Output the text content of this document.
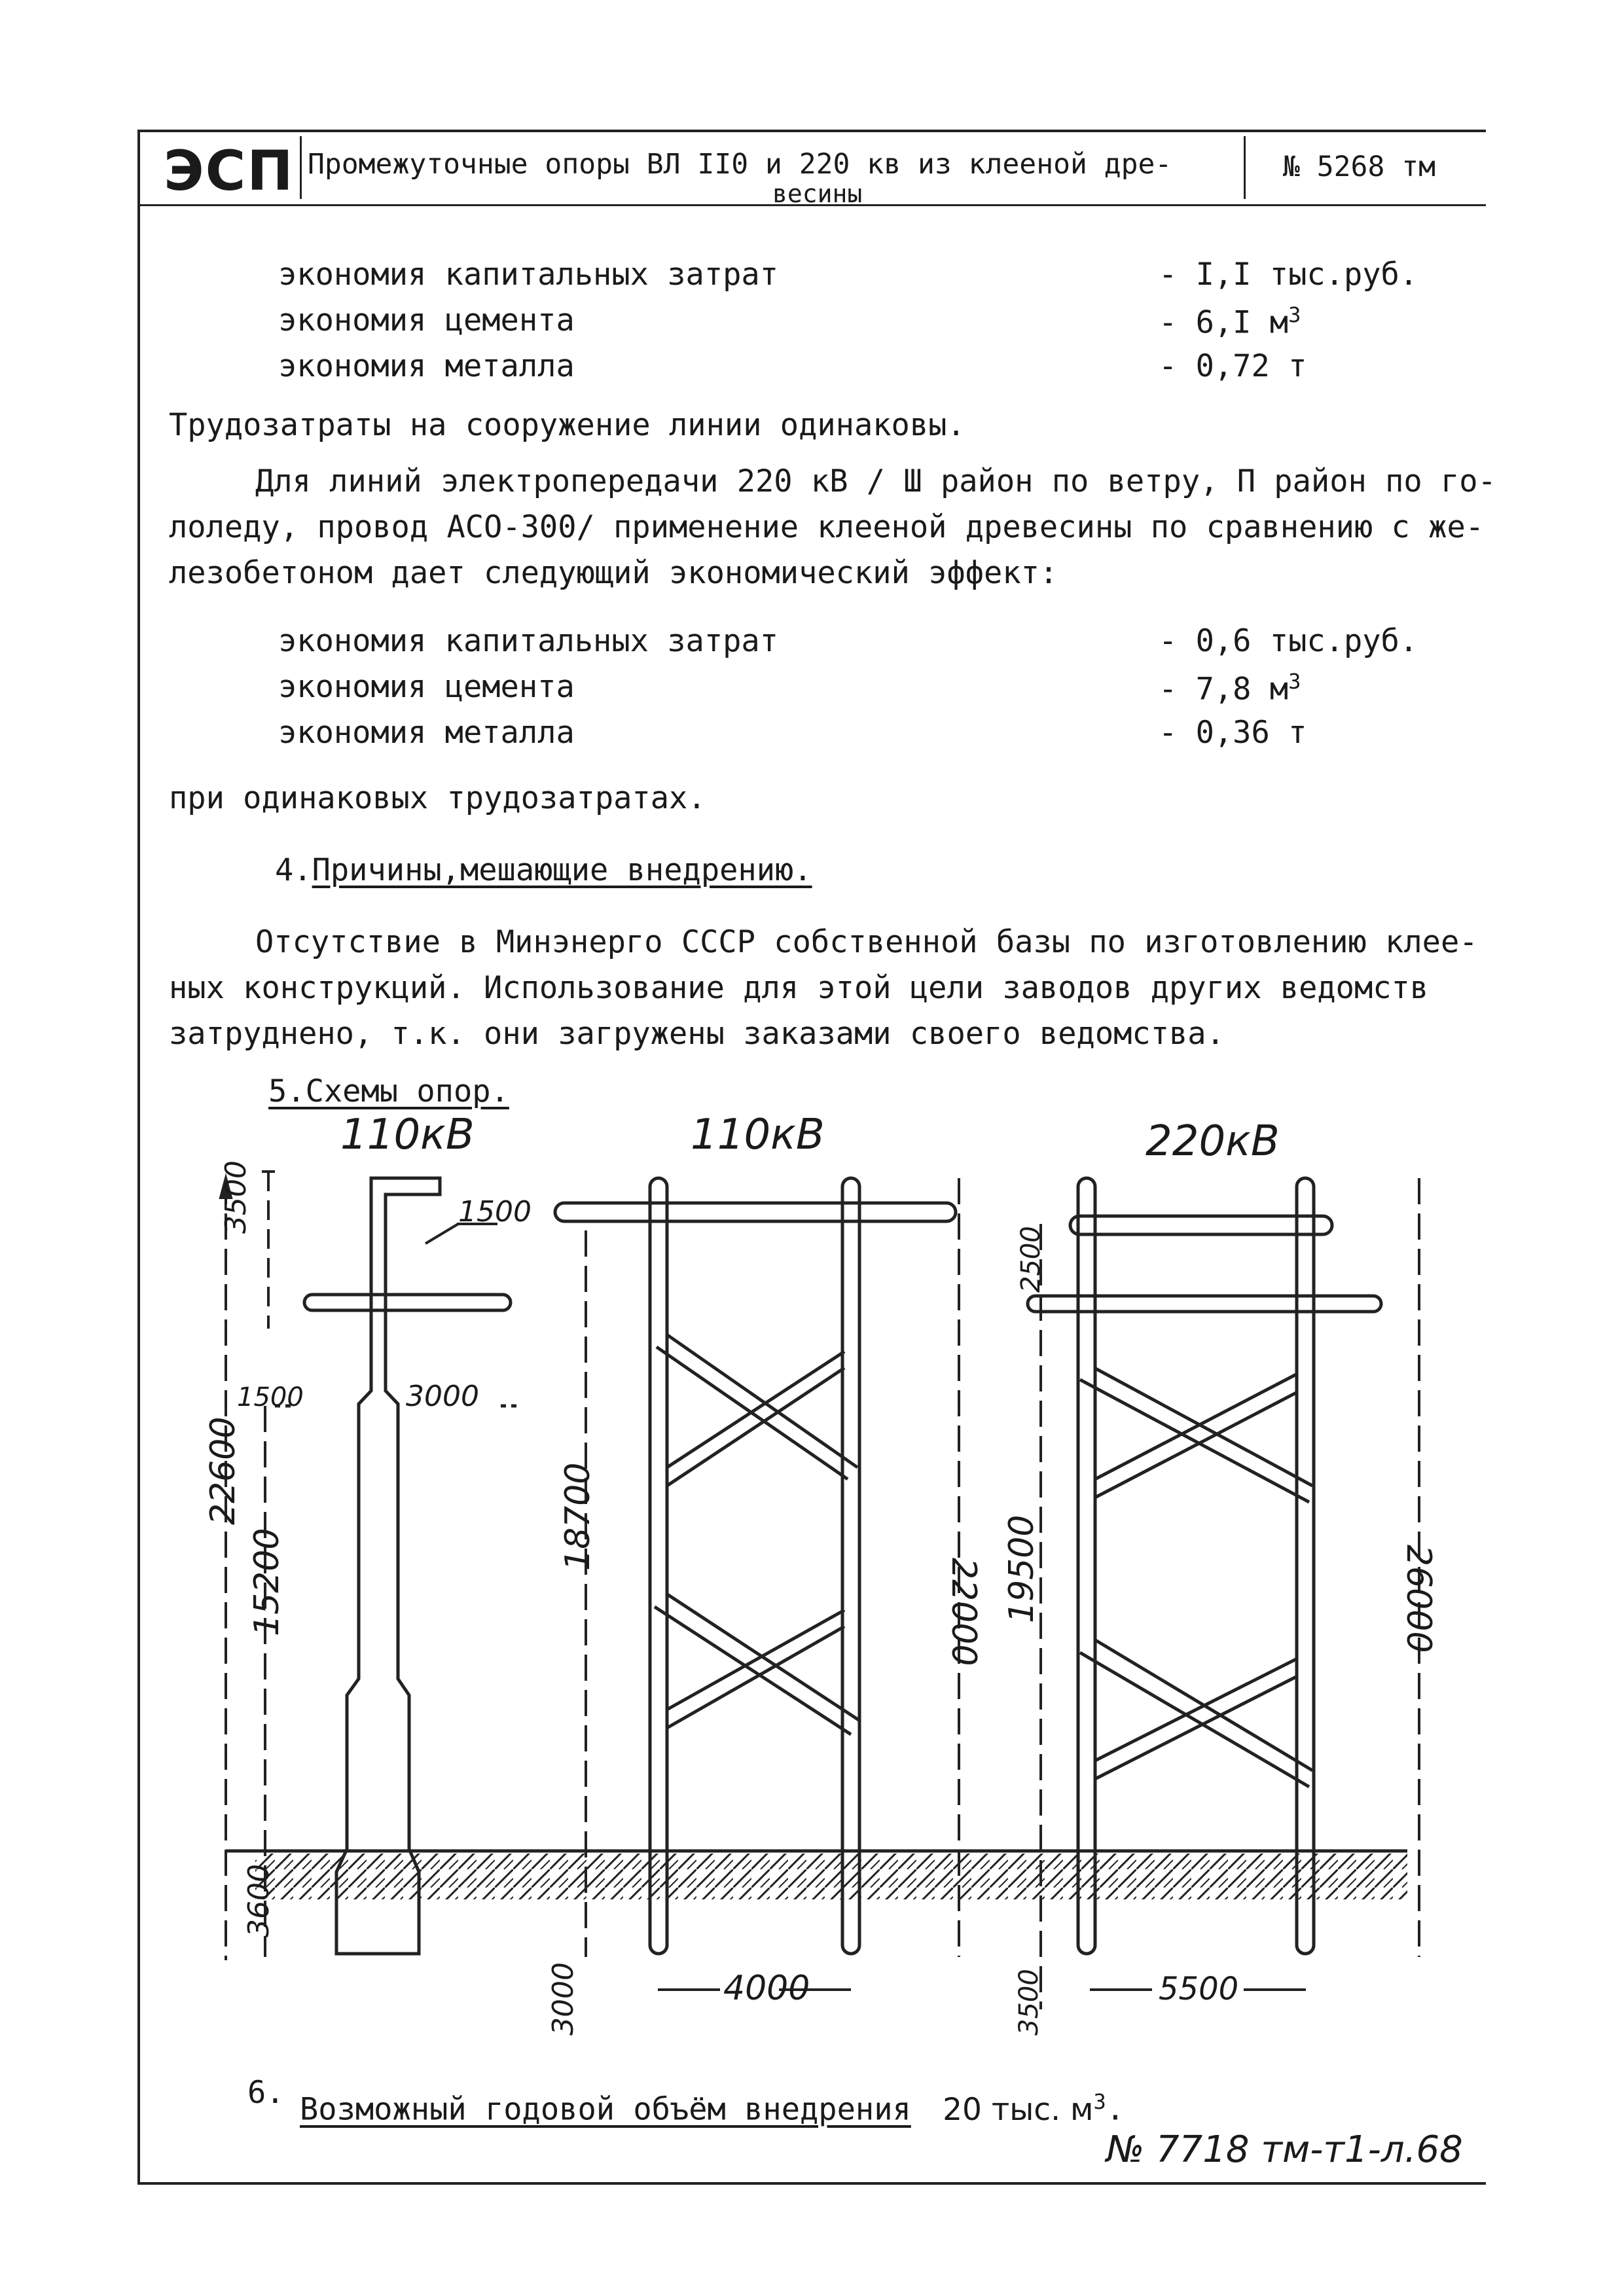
ЭСП Промежуточные опоры ВЛ II0 и 220 кв из клееной дре-
весины
№ 5268 тм
экономия капитальных затрат	- I,I тыс.руб.
экономия цемента	- 6,I $м^3$
экономия металла	- 0,72 т
Трудозатраты на сооружение линии одинаковы.
Для линий электропередачи 220 кВ / Ш район по ветру, П район по го-
лоледу, провод АСО-300/ применение клееной древесины по сравнению с же-
лезобетоном дает следующий экономический эффект:
экономия капитальных затрат	- 0,6 тыс.руб.
экономия цемента	- 7,8 $м^3$
экономия металла	- 0,36 т
при одинаковых трудозатратах.
4.Причины,мешающие внедрению.
Отсутствие в Минэнерго СССР собственной базы по изготовлению клее-
ных конструкций. Использование для этой цели заводов других ведомств
затруднено, т.к. они загружены заказами своего ведомства.
5.Схемы опор.
110кВ	110кВ	220кВ
3500	1500
1500	3000
22600
15200
3600
18700
22000
3000	4000
2500
19500	26000
3500	5500
6. Возможный годовой объём внедрения 20 тыс. $м^3$.
№ 7718 тм-т1-л.68
